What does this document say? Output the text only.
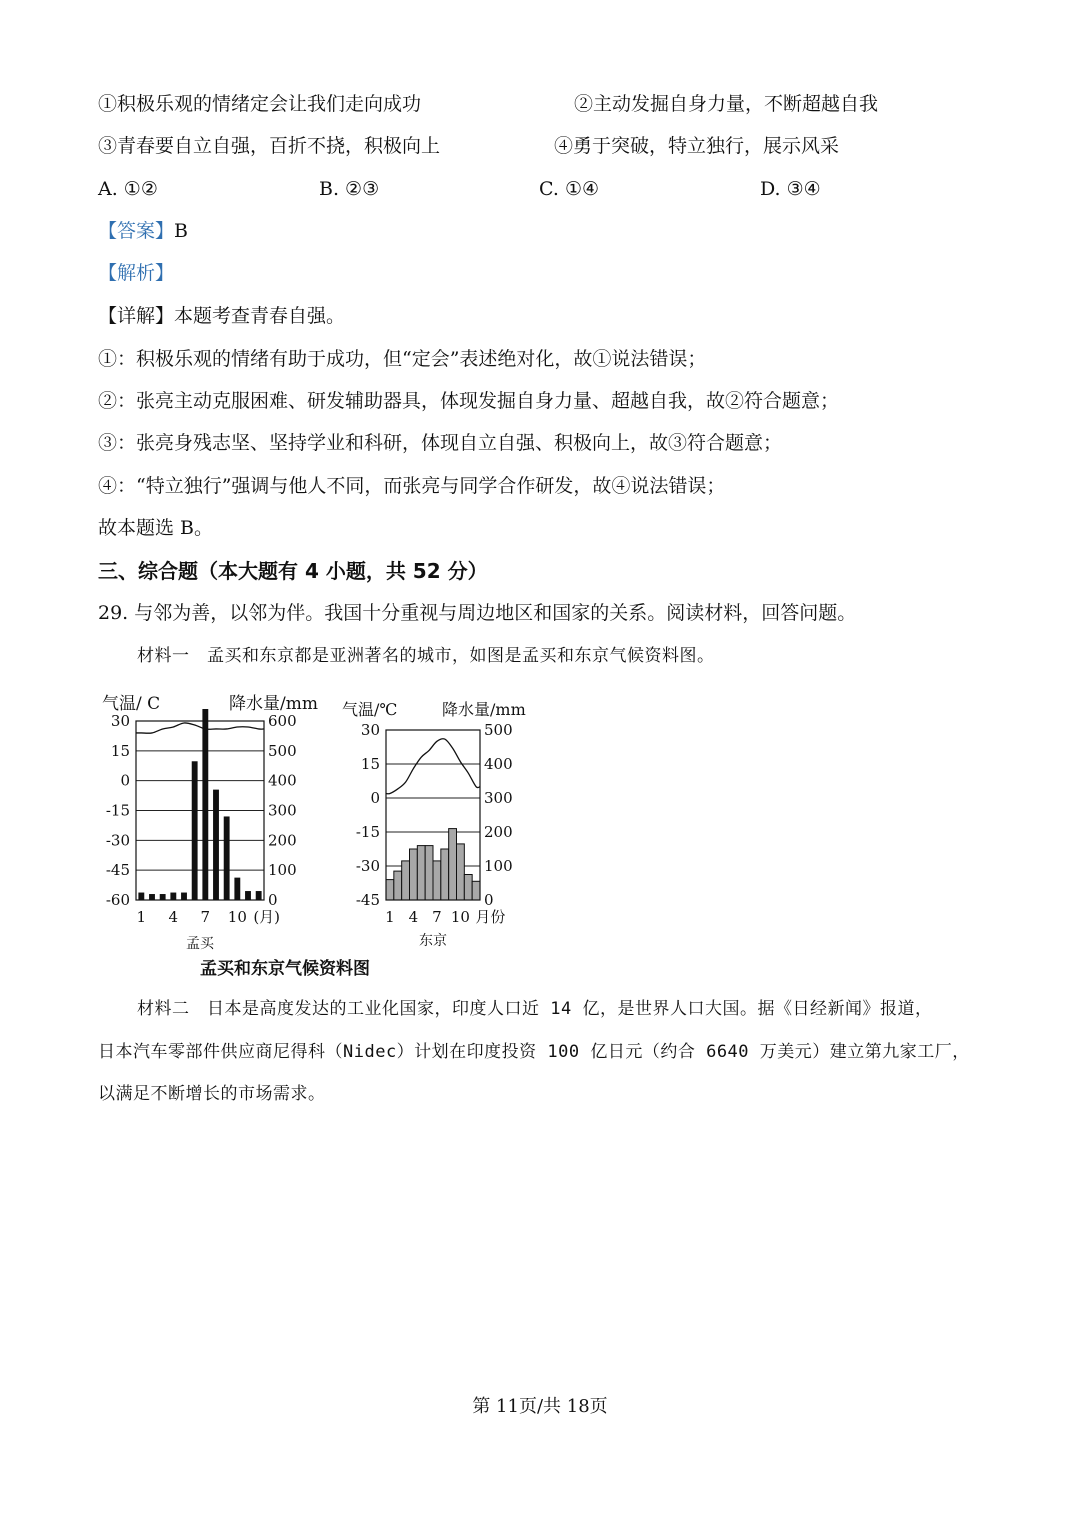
①积极乐观的情绪定会让我们走向成功	②主动发掘自身力量，不断超越自我
③青春要自立自强，百折不挠，积极向上	④勇于突破，特立独行，展示风采
A. ①②	B. ②③	C. ①④	D. ③④
【答案】B
【解析】
【详解】本题考查青春自强。
①：积极乐观的情绪有助于成功，但“定会”表述绝对化，故①说法错误；
②：张亮主动克服困难、研发辅助器具，体现发掘自身力量、超越自我，故②符合题意；
③：张亮身残志坚、坚持学业和科研，体现自立自强、积极向上，故③符合题意；
④：“特立独行”强调与他人不同，而张亮与同学合作研发，故④说法错误；
故本题选 B。
三、综合题（本大题有 4 小题，共 52 分）
29. 与邻为善，以邻为伴。我国十分重视与周边地区和国家的关系。阅读材料，回答问题。
材料一　孟买和东京都是亚洲著名的城市，如图是孟买和东京气候资料图。
气温/ C	降水量/mm
30
15
0
-15
-30
-45
-60
600
500
400
300
200
100
0
1 4 7 10 (月)
孟买
气温/℃	降水量/mm
30
15
0
-15
-30
-45
500
400
300
200
100
0
1 4 7 10 月份
东京
孟买和东京气候资料图
材料二　日本是高度发达的工业化国家，印度人口近 14 亿，是世界人口大国。据《日经新闻》报道，
日本汽车零部件供应商尼得科（Nidec）计划在印度投资 100 亿日元（约合 6640 万美元）建立第九家工厂，
以满足不断增长的市场需求。
第 11页/共 18页
